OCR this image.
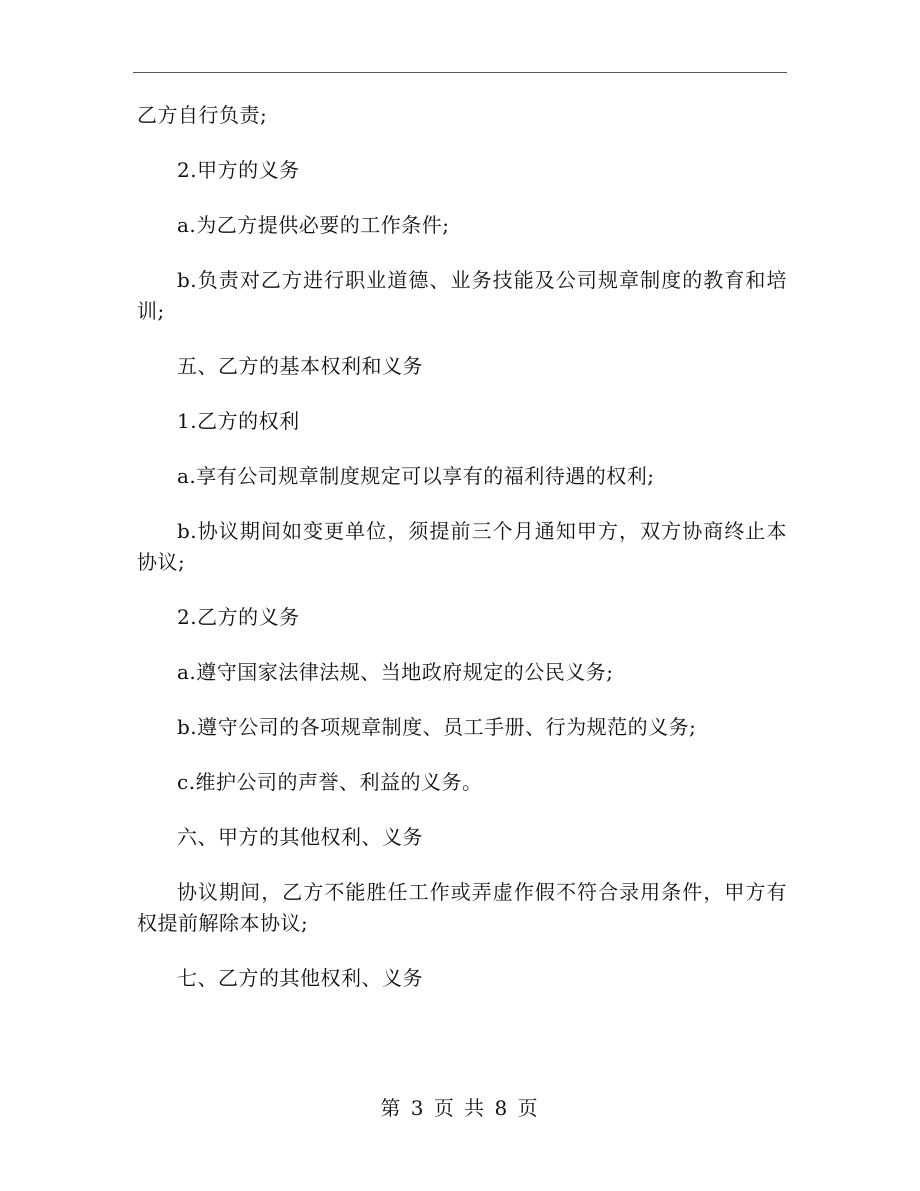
乙方自行负责;

2.甲方的义务

a.为乙方提供必要的工作条件;

b.负责对乙方进行职业道德、业务技能及公司规章制度的教育和培训;

五、乙方的基本权利和义务

1.乙方的权利

a.享有公司规章制度规定可以享有的福利待遇的权利;

b.协议期间如变更单位，须提前三个月通知甲方，双方协商终止本协议;

2.乙方的义务

a.遵守国家法律法规、当地政府规定的公民义务;

b.遵守公司的各项规章制度、员工手册、行为规范的义务;

c.维护公司的声誉、利益的义务。

六、甲方的其他权利、义务

协议期间，乙方不能胜任工作或弄虚作假不符合录用条件，甲方有权提前解除本协议;

七、乙方的其他权利、义务

第 3 页 共 8 页
